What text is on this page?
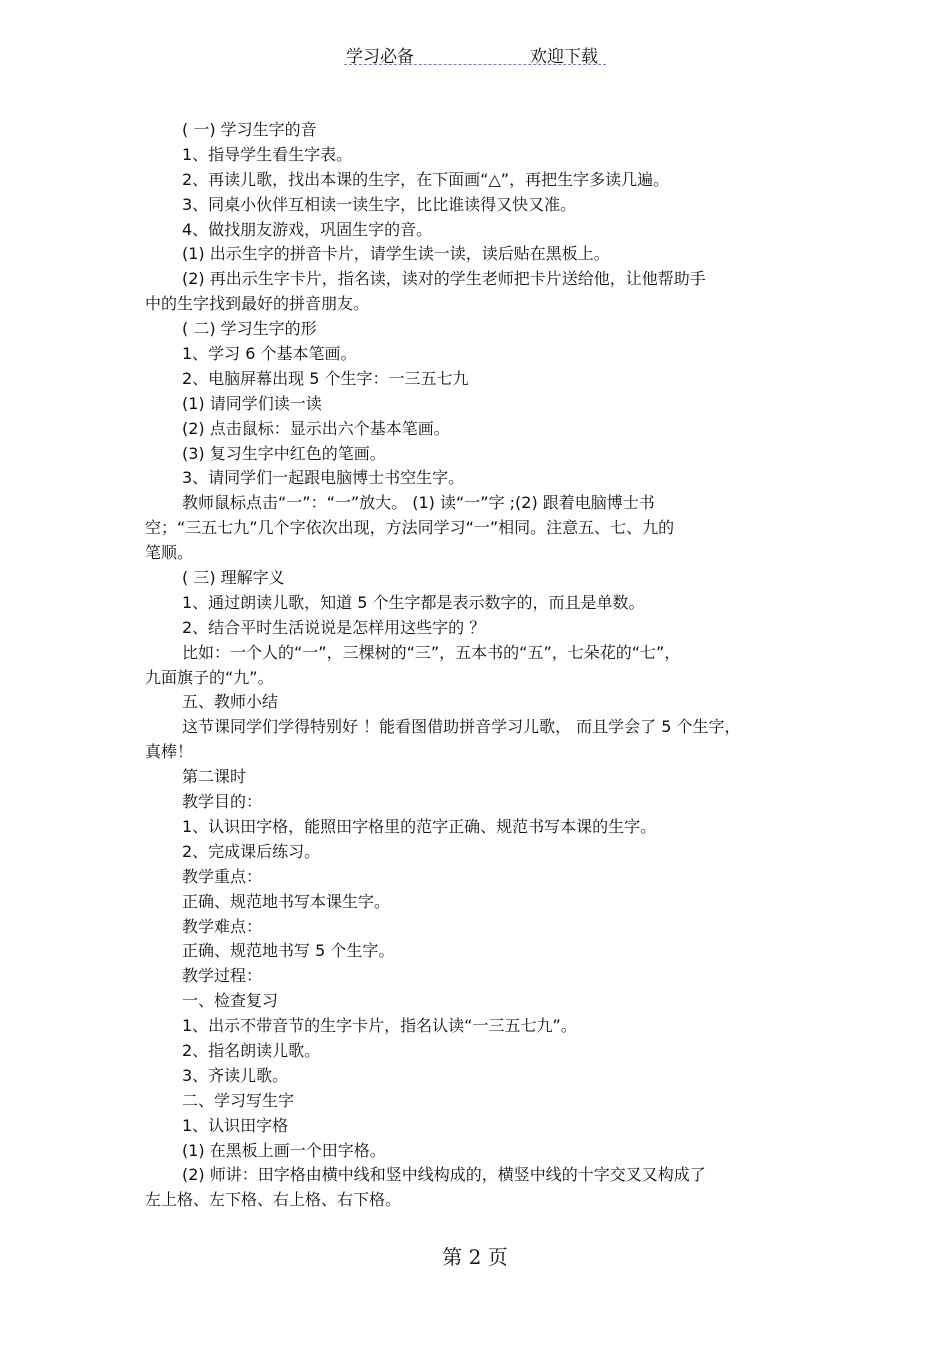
学习必备	欢迎下载
( 一) 学习生字的音
1、指导学生看生字表。
2、再读儿歌，找出本课的生字，在下面画“△”，再把生字多读几遍。
3、同桌小伙伴互相读一读生字，比比谁读得又快又准。
4、做找朋友游戏，巩固生字的音。
(1) 出示生字的拼音卡片，请学生读一读，读后贴在黑板上。
(2) 再出示生字卡片，指名读，读对的学生老师把卡片送给他，让他帮助手
中的生字找到最好的拼音朋友。
( 二) 学习生字的形
1、学习 6 个基本笔画。
2、电脑屏幕出现 5 个生字：一三五七九
(1) 请同学们读一读
(2) 点击鼠标：显示出六个基本笔画。
(3) 复习生字中红色的笔画。
3、请同学们一起跟电脑博士书空生字。
教师鼠标点击“一”：“一”放大。 (1) 读“一”字 ;(2) 跟着电脑博士书
空；“三五七九”几个字依次出现，方法同学习“一”相同。注意五、七、九的
笔顺。
( 三) 理解字义
1、通过朗读儿歌，知道 5 个生字都是表示数字的，而且是单数。
2、结合平时生活说说是怎样用这些字的 ？
比如：一个人的“一”，三棵树的“三”，五本书的“五”，七朵花的“七”，
九面旗子的“九”。
五、教师小结
这节课同学们学得特别好 ！能看图借助拼音学习儿歌， 而且学会了 5 个生字，
真棒！
第二课时
教学目的：
1、认识田字格，能照田字格里的范字正确、规范书写本课的生字。
2、完成课后练习。
教学重点：
正确、规范地书写本课生字。
教学难点：
正确、规范地书写 5 个生字。
教学过程：
一、检查复习
1、出示不带音节的生字卡片，指名认读“一三五七九”。
2、指名朗读儿歌。
3、齐读儿歌。
二、学习写生字
1、认识田字格
(1) 在黑板上画一个田字格。
(2) 师讲：田字格由横中线和竖中线构成的，横竖中线的十字交叉又构成了
左上格、左下格、右上格、右下格。
第 2 页
